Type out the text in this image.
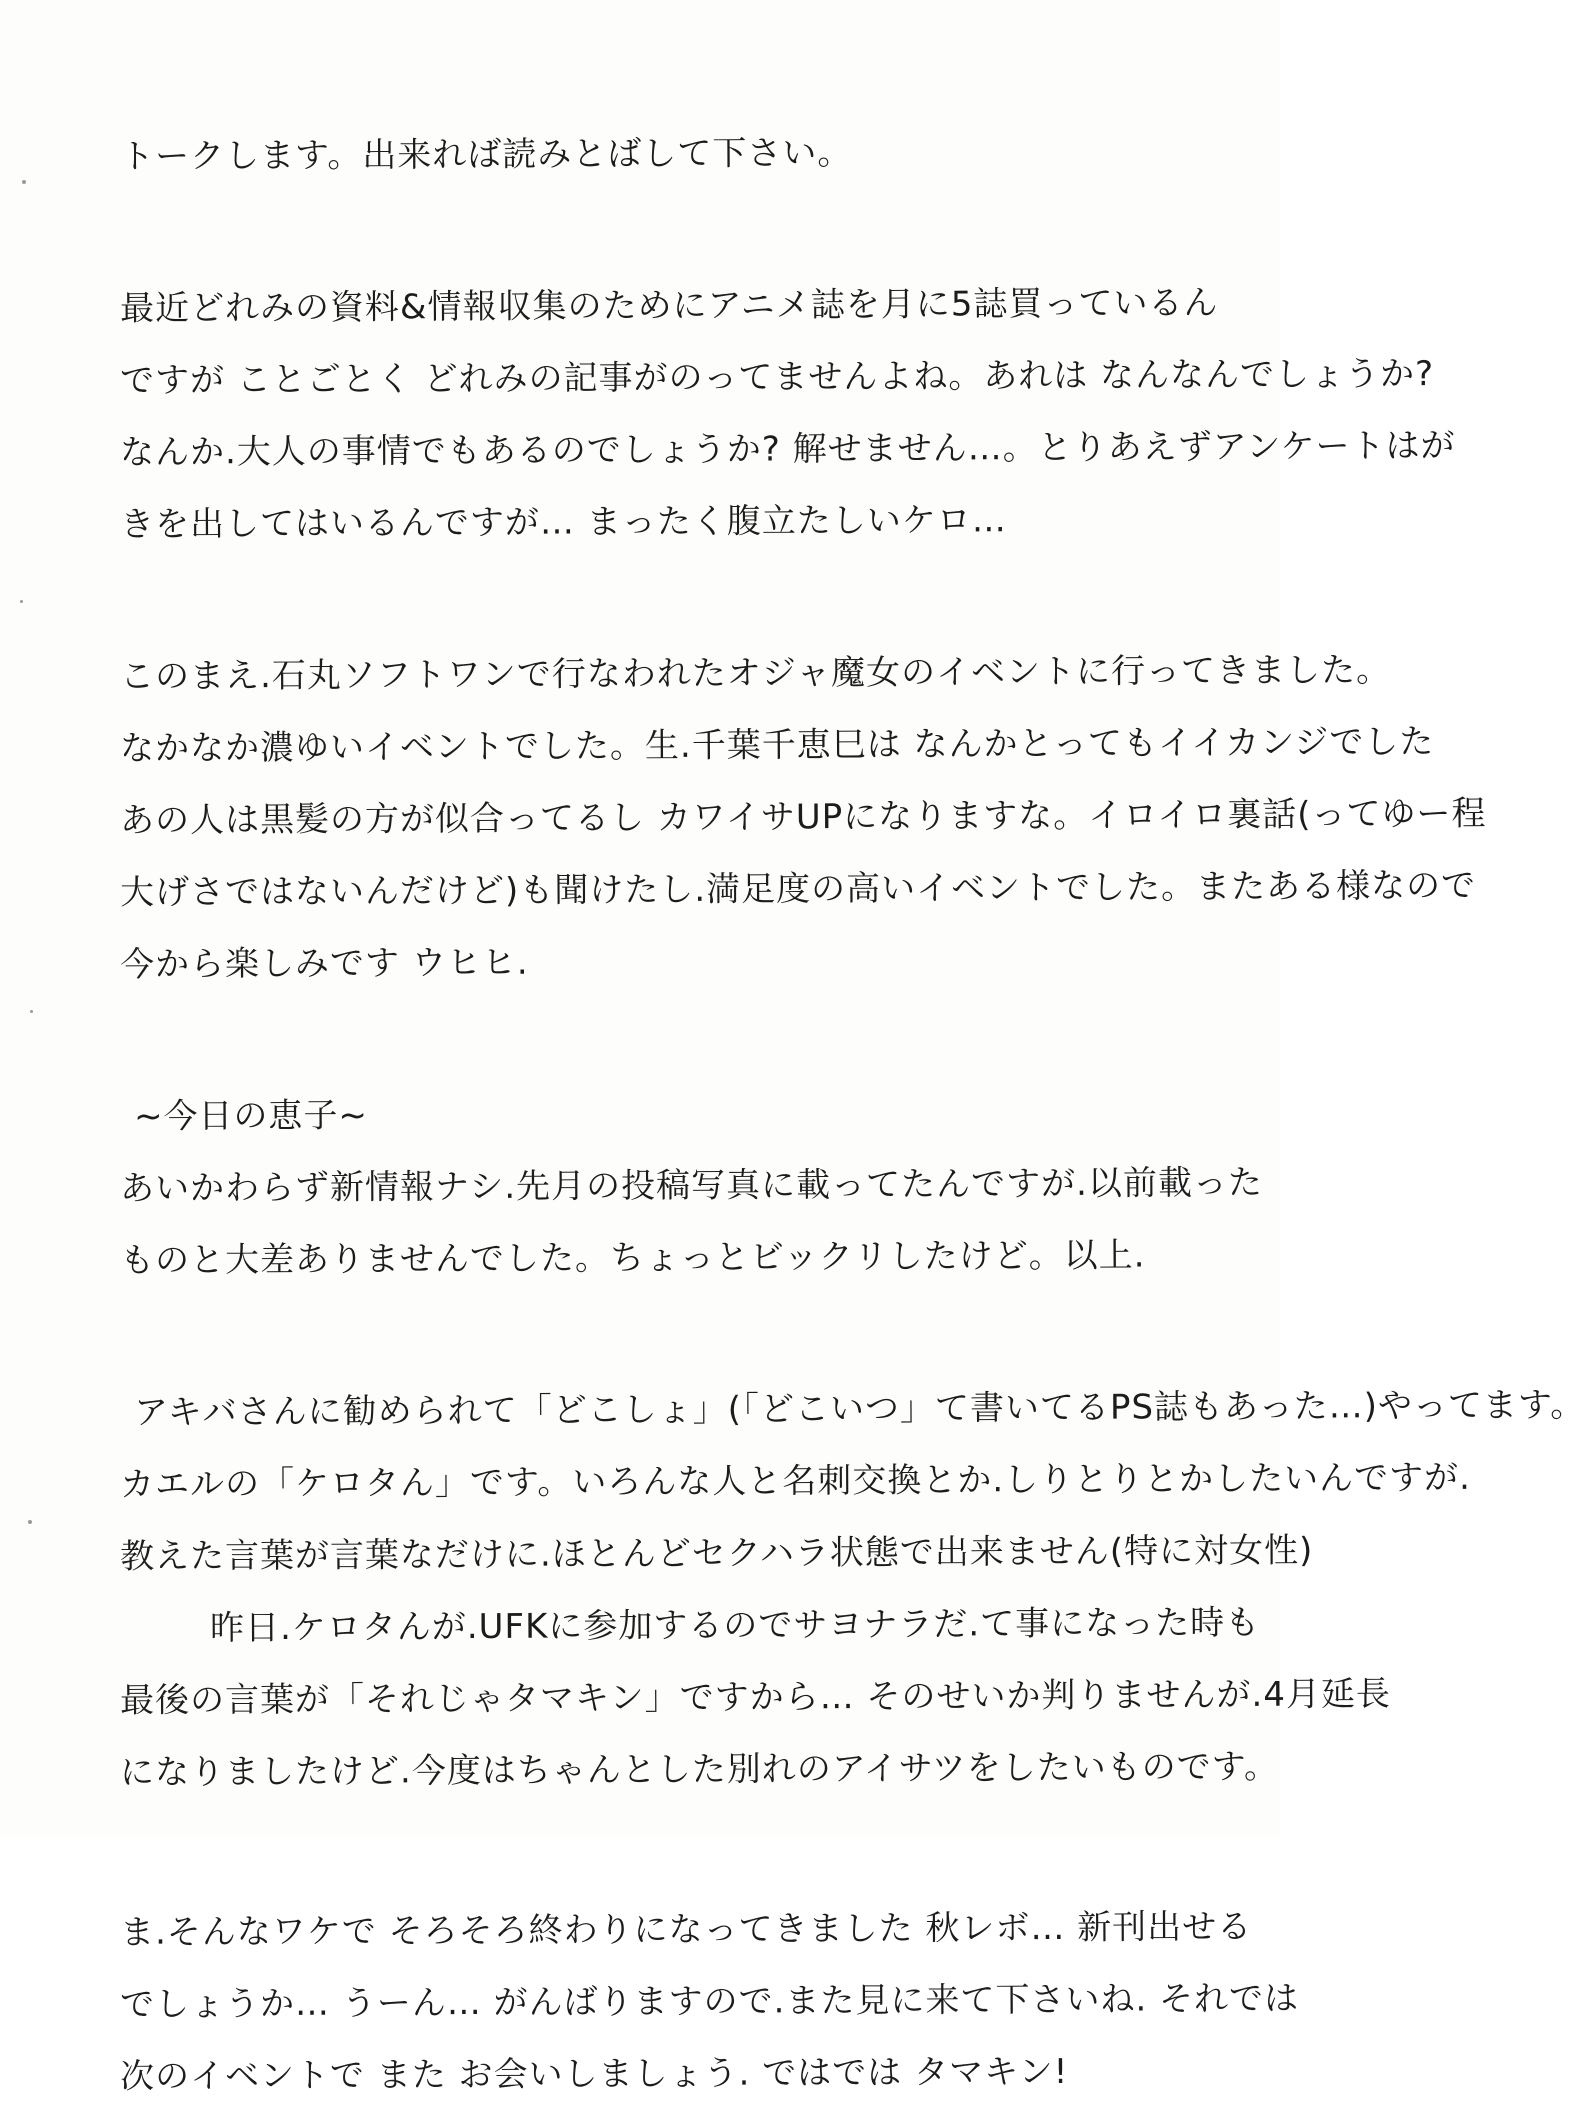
トークします。出来れば読みとばして下さい。
最近どれみの資料&情報収集のためにアニメ誌を月に5誌買っているん
ですが ことごとく どれみの記事がのってませんよね。あれは なんなんでしょうか?
なんか.大人の事情でもあるのでしょうか? 解せません…。とりあえずアンケートはが
きを出してはいるんですが… まったく腹立たしいケロ…
このまえ.石丸ソフトワンで行なわれたオジャ魔女のイベントに行ってきました。
なかなか濃ゆいイベントでした。生.千葉千恵巳は なんかとってもイイカンジでした
あの人は黒髪の方が似合ってるし カワイサUPになりますな。イロイロ裏話(ってゆー程
大げさではないんだけど)も聞けたし.満足度の高いイベントでした。またある様なので
今から楽しみです ウヒヒ.
~今日の恵子~
あいかわらず新情報ナシ.先月の投稿写真に載ってたんですが.以前載った
ものと大差ありませんでした。ちょっとビックリしたけど。以上.
アキバさんに勧められて「どこしょ」(「どこいつ」て書いてるPS誌もあった…)やってます。
カエルの「ケロタん」です。いろんな人と名刺交換とか.しりとりとかしたいんですが.
教えた言葉が言葉なだけに.ほとんどセクハラ状態で出来ません(特に対女性)
昨日.ケロタんが.UFKに参加するのでサヨナラだ.て事になった時も
最後の言葉が「それじゃタマキン」ですから… そのせいか判りませんが.4月延長
になりましたけど.今度はちゃんとした別れのアイサツをしたいものです。
ま.そんなワケで そろそろ終わりになってきました 秋レボ… 新刊出せる
でしょうか… うーん… がんばりますので.また見に来て下さいね. それでは
次のイベントで また お会いしましょう. ではでは タマキン!
